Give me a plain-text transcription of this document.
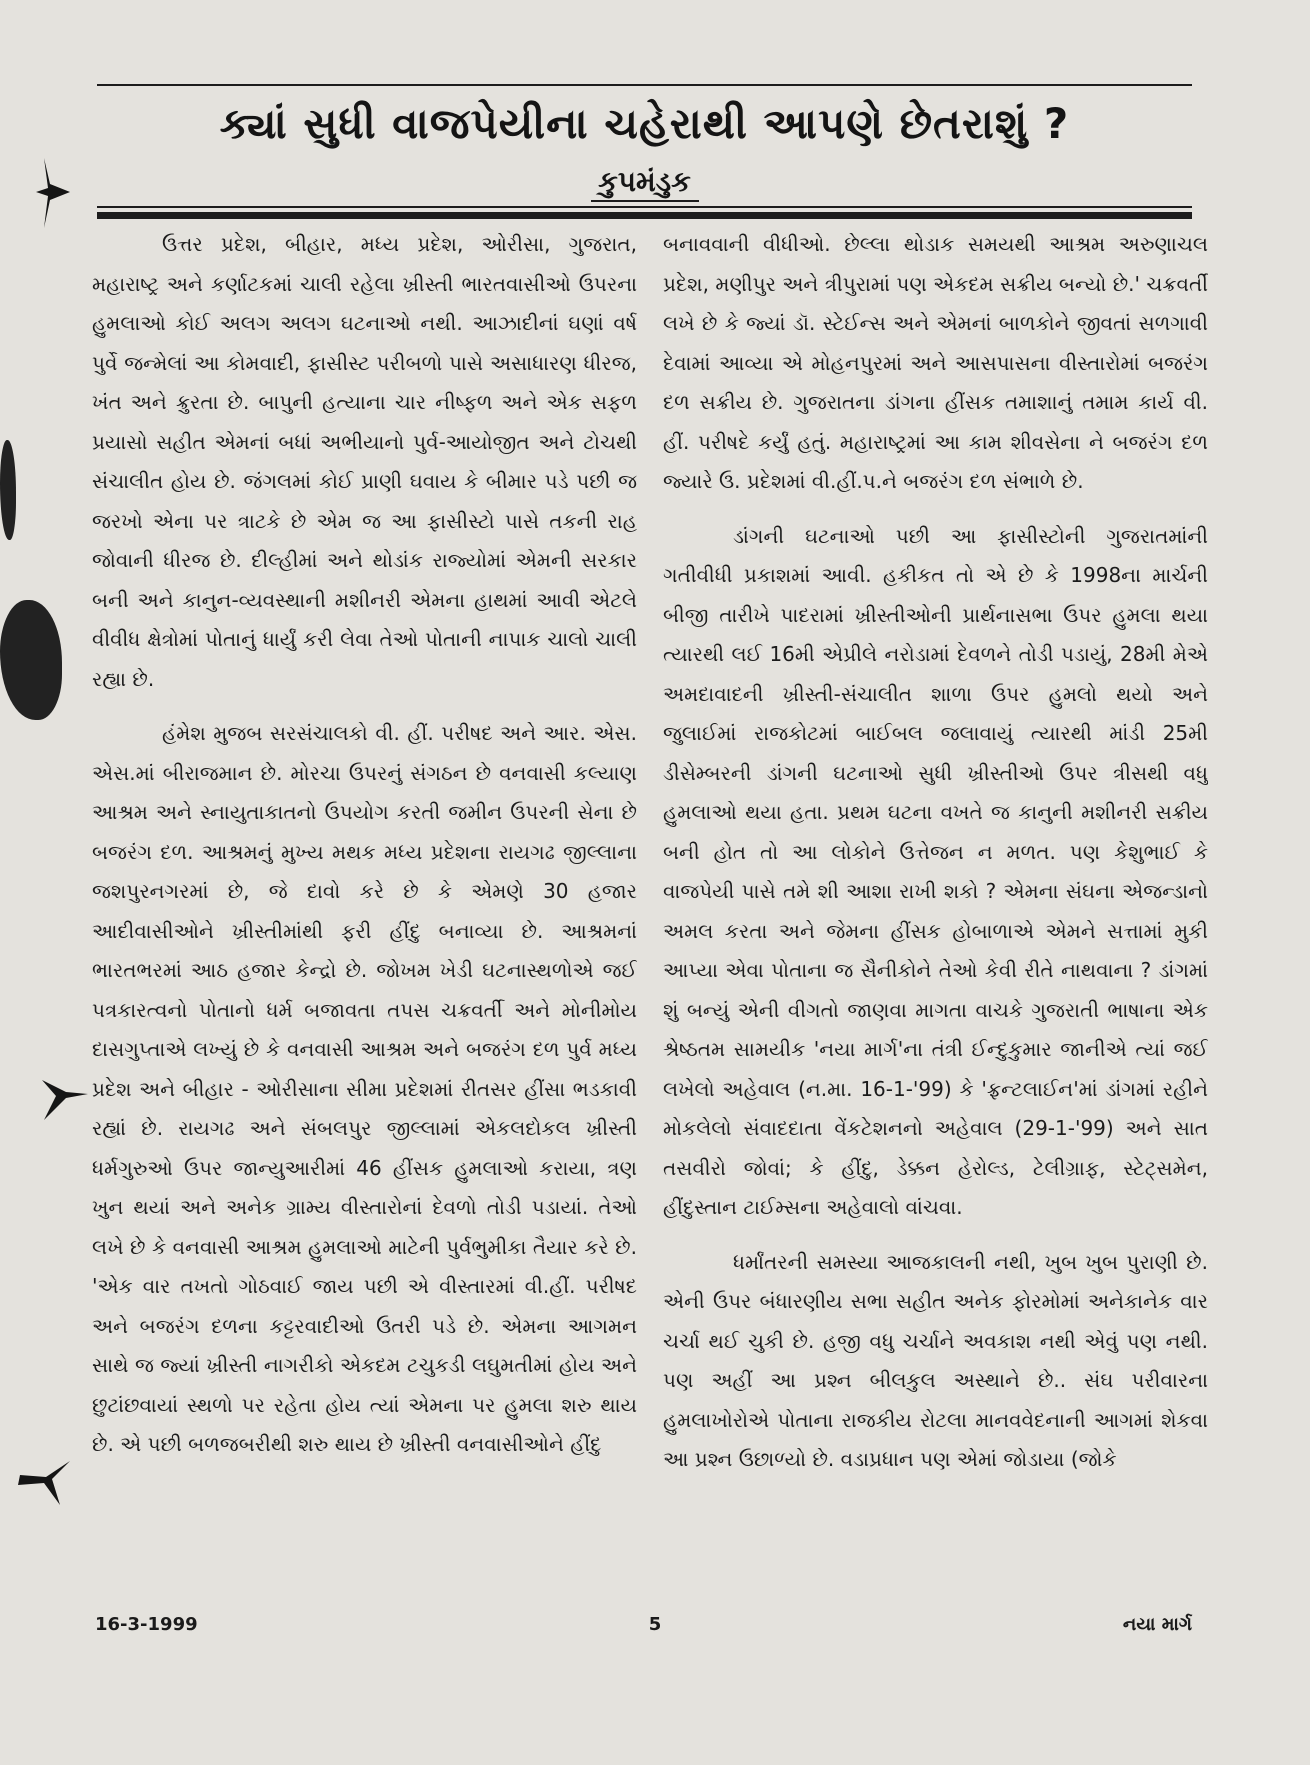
ક્યાં સુધી વાજપેયીના ચહેરાથી આપણે છેતરાશું ?
કુપમંડુક

ઉત્તર પ્રદેશ, બીહાર, મધ્ય પ્રદેશ, ઓરીસા, ગુજરાત, મહારાષ્ટ્ર અને કર્ણાટકમાં ચાલી રહેલા ખ્રીસ્તી ભારતવાસીઓ ઉપરના હુમલાઓ કોઈ અલગ અલગ ઘટનાઓ નથી. આઝાદીનાં ઘણાં વર્ષ પુર્વે જન્મેલાં આ કોમવાદી, ફાસીસ્ટ પરીબળો પાસે અસાધારણ ધીરજ, ખંત અને ક્રુરતા છે. બાપુની હત્યાના ચાર નીષ્ફળ અને એક સફળ પ્રયાસો સહીત એમનાં બધાં અભીયાનો પુર્વ-આયોજીત અને ટોચથી સંચાલીત હોય છે. જંગલમાં કોઈ પ્રાણી ઘવાય કે બીમાર પડે પછી જ જરખો એના પર ત્રાટકે છે એમ જ આ ફાસીસ્ટો પાસે તકની રાહ જોવાની ધીરજ છે. દીલ્હીમાં અને થોડાંક રાજ્યોમાં એમની સરકાર બની અને કાનુન-વ્યવસ્થાની મશીનરી એમના હાથમાં આવી એટલે વીવીધ ક્ષેત્રોમાં પોતાનું ધાર્યું કરી લેવા તેઓ પોતાની નાપાક ચાલો ચાલી રહ્યા છે.

હંમેશ મુજબ સરસંચાલકો વી. હીં. પરીષદ અને આર. એસ. એસ.માં બીરાજમાન છે. મોરચા ઉપરનું સંગઠન છે વનવાસી કલ્યાણ આશ્રમ અને સ્નાયુતાકાતનો ઉપયોગ કરતી જમીન ઉપરની સેના છે બજરંગ દળ. આશ્રમનું મુખ્ય મથક મધ્ય પ્રદેશના રાયગઢ જીલ્લાના જશપુરનગરમાં છે, જે દાવો કરે છે કે એમણે 30 હજાર આદીવાસીઓને ખ્રીસ્તીમાંથી ફરી હીંદુ બનાવ્યા છે. આશ્રમનાં ભારતભરમાં આઠ હજાર કેન્દ્રો છે. જોખમ ખેડી ઘટનાસ્થળોએ જઈ પત્રકારત્વનો પોતાનો ધર્મ બજાવતા તપસ ચક્રવર્તી અને મોનીમોય દાસગુપ્તાએ લખ્યું છે કે વનવાસી આશ્રમ અને બજરંગ દળ પુર્વ મધ્ય પ્રદેશ અને બીહાર - ઓરીસાના સીમા પ્રદેશમાં રીતસર હીંસા ભડકાવી રહ્યાં છે. રાયગઢ અને સંબલપુર જીલ્લામાં એકલદોકલ ખ્રીસ્તી ધર્મગુરુઓ ઉપર જાન્યુઆરીમાં 46 હીંસક હુમલાઓ કરાયા, ત્રણ ખુન થયાં અને અનેક ગ્રામ્ય વીસ્તારોનાં દેવળો તોડી પડાયાં. તેઓ લખે છે કે વનવાસી આશ્રમ હુમલાઓ માટેની પુર્વભુમીકા તૈયાર કરે છે. 'એક વાર તખતો ગોઠવાઈ જાય પછી એ વીસ્તારમાં વી.હીં. પરીષદ અને બજરંગ દળના કટ્ટરવાદીઓ ઉતરી પડે છે. એમના આગમન સાથે જ જ્યાં ખ્રીસ્તી નાગરીકો એકદમ ટચુકડી લઘુમતીમાં હોય અને છુટાંછવાયાં સ્થળો પર રહેતા હોય ત્યાં એમના પર હુમલા શરુ થાય છે. એ પછી બળજબરીથી શરુ થાય છે ખ્રીસ્તી વનવાસીઓને હીંદુ

બનાવવાની વીધીઓ. છેલ્લા થોડાક સમયથી આશ્રમ અરુણાચલ પ્રદેશ, મણીપુર અને ત્રીપુરામાં પણ એકદમ સક્રીય બન્યો છે.' ચક્રવર્તી લખે છે કે જ્યાં ડૉ. સ્ટેઈન્સ અને એમનાં બાળકોને જીવતાં સળગાવી દેવામાં આવ્યા એ મોહનપુરમાં અને આસપાસના વીસ્તારોમાં બજરંગ દળ સક્રીય છે. ગુજરાતના ડાંગના હીંસક તમાશાનું તમામ કાર્ય વી. હીં. પરીષદે કર્યું હતું. મહારાષ્ટ્રમાં આ કામ શીવસેના ને બજરંગ દળ જ્યારે ઉ. પ્રદેશમાં વી.હીં.પ.ને બજરંગ દળ સંભાળે છે.

ડાંગની ઘટનાઓ પછી આ ફાસીસ્ટોની ગુજરાતમાંની ગતીવીધી પ્રકાશમાં આવી. હકીકત તો એ છે કે 1998ના માર્ચની બીજી તારીખે પાદરામાં ખ્રીસ્તીઓની પ્રાર્થનાસભા ઉપર હુમલા થયા ત્યારથી લઈ 16મી એપ્રીલે નરોડામાં દેવળને તોડી પડાયું, 28મી મેએ અમદાવાદની ખ્રીસ્તી-સંચાલીત શાળા ઉપર હુમલો થયો અને જુલાઈમાં રાજકોટમાં બાઈબલ જલાવાયું ત્યારથી માંડી 25મી ડીસેમ્બરની ડાંગની ઘટનાઓ સુધી ખ્રીસ્તીઓ ઉપર ત્રીસથી વધુ હુમલાઓ થયા હતા. પ્રથમ ઘટના વખતે જ કાનુની મશીનરી સક્રીય બની હોત તો આ લોકોને ઉત્તેજન ન મળત. પણ કેશુભાઈ કે વાજપેયી પાસે તમે શી આશા રાખી શકો ? એમના સંઘના એજન્ડાનો અમલ કરતા અને જેમના હીંસક હોબાળાએ એમને સત્તામાં મુકી આપ્યા એવા પોતાના જ સૈનીકોને તેઓ કેવી રીતે નાથવાના ? ડાંગમાં શું બન્યું એની વીગતો જાણવા માગતા વાચકે ગુજરાતી ભાષાના એક શ્રેષ્ઠતમ સામયીક 'નયા માર્ગ'ના તંત્રી ઈન્દુકુમાર જાનીએ ત્યાં જઈ લખેલો અહેવાલ (ન.મા. 16-1-'99) કે 'ફ્રન્ટલાઈન'માં ડાંગમાં રહીને મોકલેલો સંવાદદાતા વેંકટેશનનો અહેવાલ (29-1-'99) અને સાત તસવીરો જોવાં; કે હીંદુ, ડેક્કન હેરોલ્ડ, ટેલીગ્રાફ, સ્ટેટ્સમેન, હીંદુસ્તાન ટાઈમ્સના અહેવાલો વાંચવા.

ધર્માંતરની સમસ્યા આજકાલની નથી, ખુબ ખુબ પુરાણી છે. એની ઉપર બંધારણીય સભા સહીત અનેક ફોરમોમાં અનેકાનેક વાર ચર્ચા થઈ ચુકી છે. હજી વધુ ચર્ચાને અવકાશ નથી એવું પણ નથી. પણ અહીં આ પ્રશ્ન બીલકુલ અસ્થાને છે.. સંઘ પરીવારના હુમલાખોરોએ પોતાના રાજકીય રોટલા માનવવેદનાની આગમાં શેકવા આ પ્રશ્ન ઉછાળ્યો છે. વડાપ્રધાન પણ એમાં જોડાયા (જોકે

16-3-1999	5	નયા માર્ગ
